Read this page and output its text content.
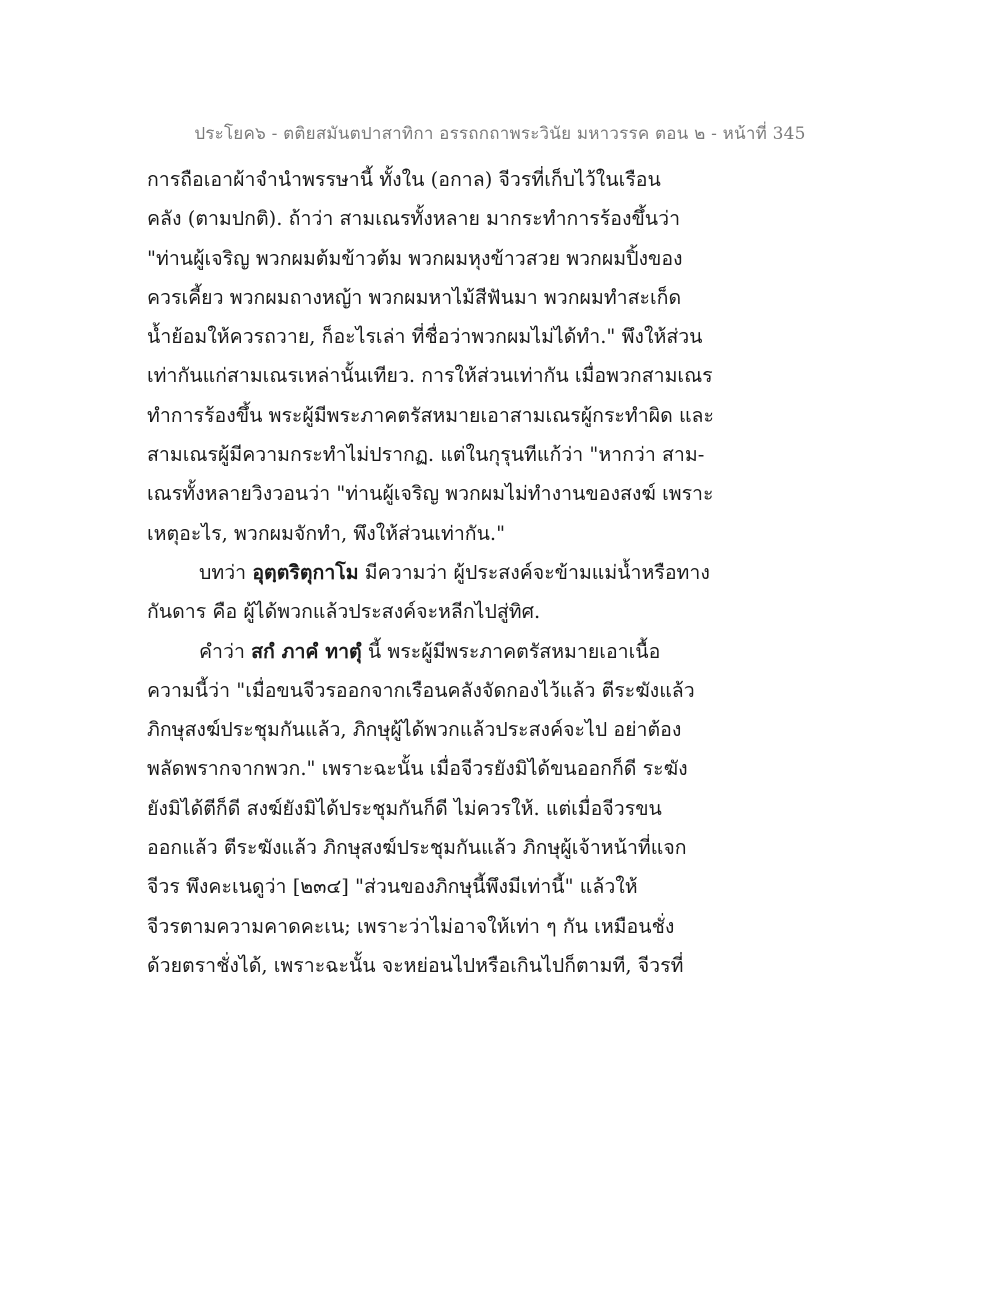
ประโยค๖ - ตติยสมันตปาสาทิกา อรรถกถาพระวินัย มหาวรรค ตอน ๒ - หน้าที่ 345
การถือเอาผ้าจำนำพรรษานี้ ทั้งใน (อกาล) จีวรที่เก็บไว้ในเรือน
คลัง (ตามปกติ). ถ้าว่า สามเณรทั้งหลาย มากระทำการร้องขึ้นว่า
"ท่านผู้เจริญ พวกผมต้มข้าวต้ม พวกผมหุงข้าวสวย พวกผมปิ้งของ
ควรเคี้ยว พวกผมถางหญ้า พวกผมหาไม้สีฟันมา พวกผมทำสะเก็ด
น้ำย้อมให้ควรถวาย, ก็อะไรเล่า ที่ชื่อว่าพวกผมไม่ได้ทำ." พึงให้ส่วน
เท่ากันแก่สามเณรเหล่านั้นเทียว. การให้ส่วนเท่ากัน เมื่อพวกสามเณร
ทำการร้องขึ้น พระผู้มีพระภาคตรัสหมายเอาสามเณรผู้กระทำผิด และ
สามเณรผู้มีความกระทำไม่ปรากฏ. แต่ในกุรุนทีแก้ว่า "หากว่า สาม-
เณรทั้งหลายวิงวอนว่า "ท่านผู้เจริญ พวกผมไม่ทำงานของสงฆ์ เพราะ
เหตุอะไร, พวกผมจักทำ, พึงให้ส่วนเท่ากัน."
บทว่า อุตฺตริตุกาโม มีความว่า ผู้ประสงค์จะข้ามแม่น้ำหรือทาง
กันดาร คือ ผู้ได้พวกแล้วประสงค์จะหลีกไปสู่ทิศ.
คำว่า สกํ ภาคํ ทาตุํ นี้ พระผู้มีพระภาคตรัสหมายเอาเนื้อ
ความนี้ว่า "เมื่อขนจีวรออกจากเรือนคลังจัดกองไว้แล้ว ตีระฆังแล้ว
ภิกษุสงฆ์ประชุมกันแล้ว, ภิกษุผู้ได้พวกแล้วประสงค์จะไป อย่าต้อง
พลัดพรากจากพวก." เพราะฉะนั้น เมื่อจีวรยังมิได้ขนออกก็ดี ระฆัง
ยังมิได้ตีก็ดี สงฆ์ยังมิได้ประชุมกันก็ดี ไม่ควรให้. แต่เมื่อจีวรขน
ออกแล้ว ตีระฆังแล้ว ภิกษุสงฆ์ประชุมกันแล้ว ภิกษุผู้เจ้าหน้าที่แจก
จีวร พึงคะเนดูว่า [๒๓๔] "ส่วนของภิกษุนี้พึงมีเท่านี้" แล้วให้
จีวรตามความคาดคะเน; เพราะว่าไม่อาจให้เท่า ๆ กัน เหมือนชั่ง
ด้วยตราชั่งได้, เพราะฉะนั้น จะหย่อนไปหรือเกินไปก็ตามที, จีวรที่
